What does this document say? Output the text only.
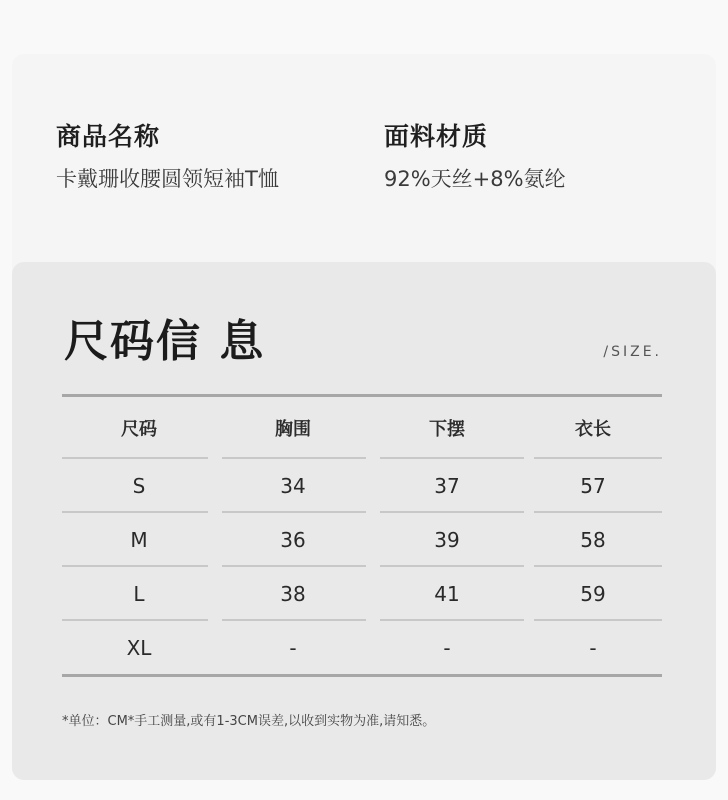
商品名称
卡戴珊收腰圆领短袖T恤
面料材质
92%天丝+8%氨纶
尺码信 息	/SIZE.
尺码	胸围	下摆	衣长
S	34	37	57
M	36	39	58
L	38	41	59
XL	-	-	-
*单位：CM*手工测量,或有1-3CM误差,以收到实物为准,请知悉。
